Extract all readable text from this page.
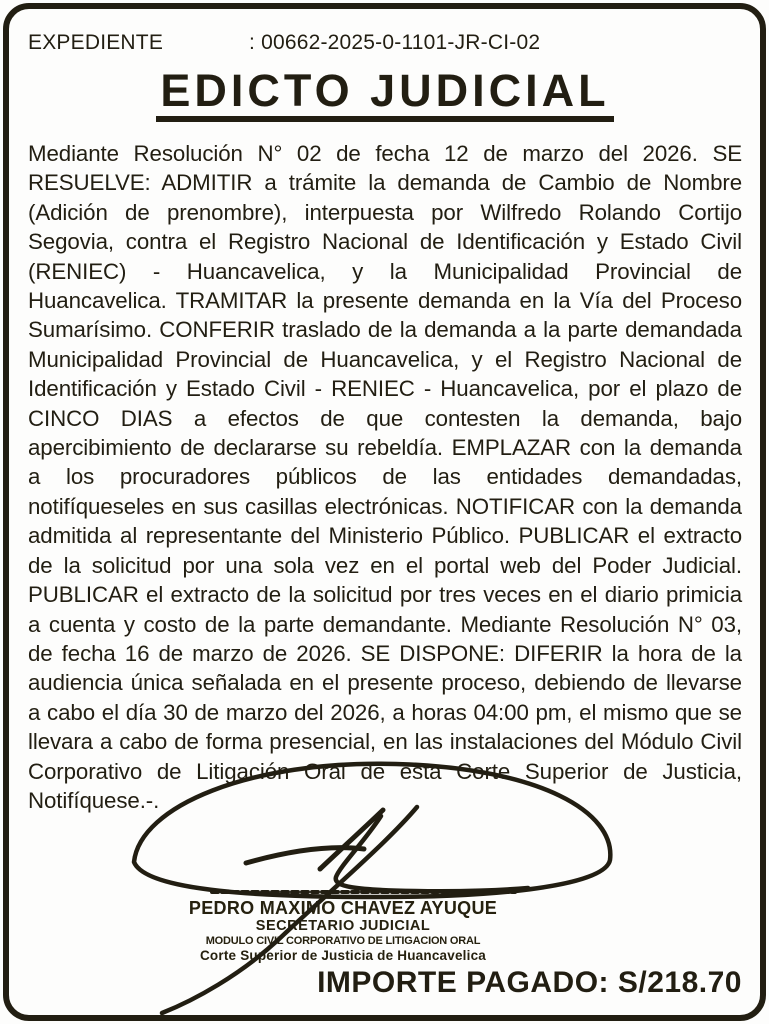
EXPEDIENTE	: 00662-2025-0-1101-JR-CI-02
EDICTO JUDICIAL

Mediante Resolución N° 02 de fecha 12 de marzo del 2026. SE RESUELVE: ADMITIR a trámite la demanda de Cambio de Nombre (Adición de prenombre), interpuesta por Wilfredo Rolando Cortijo Segovia, contra el Registro Nacional de Identificación y Estado Civil (RENIEC) - Huancavelica, y la Municipalidad Provincial de Huancavelica. TRAMITAR la presente demanda en la Vía del Proceso Sumarísimo. CONFERIR traslado de la demanda a la parte demandada Municipalidad Provincial de Huancavelica, y el Registro Nacional de Identificación y Estado Civil - RENIEC - Huancavelica, por el plazo de CINCO DIAS a efectos de que contesten la demanda, bajo apercibimiento de declararse su rebeldía. EMPLAZAR con la demanda a los procuradores públicos de las entidades demandadas, notifíqueseles en sus casillas electrónicas. NOTIFICAR con la demanda admitida al representante del Ministerio Público. PUBLICAR el extracto de la solicitud por una sola vez en el portal web del Poder Judicial. PUBLICAR el extracto de la solicitud por tres veces en el diario primicia a cuenta y costo de la parte demandante. Mediante Resolución N° 03, de fecha 16 de marzo de 2026. SE DISPONE: DIFERIR la hora de la audiencia única señalada en el presente proceso, debiendo de llevarse a cabo el día 30 de marzo del 2026, a horas 04:00 pm, el mismo que se llevara a cabo de forma presencial, en las instalaciones del Módulo Civil Corporativo de Litigación Oral de esta Corte Superior de Justicia, Notifíquese.-.

PEDRO MAXIMO CHAVEZ AYUQUE
SECRETARIO JUDICIAL
MODULO CIVIL CORPORATIVO DE LITIGACION ORAL
Corte Superior de Justicia de Huancavelica
IMPORTE PAGADO: S/218.70
